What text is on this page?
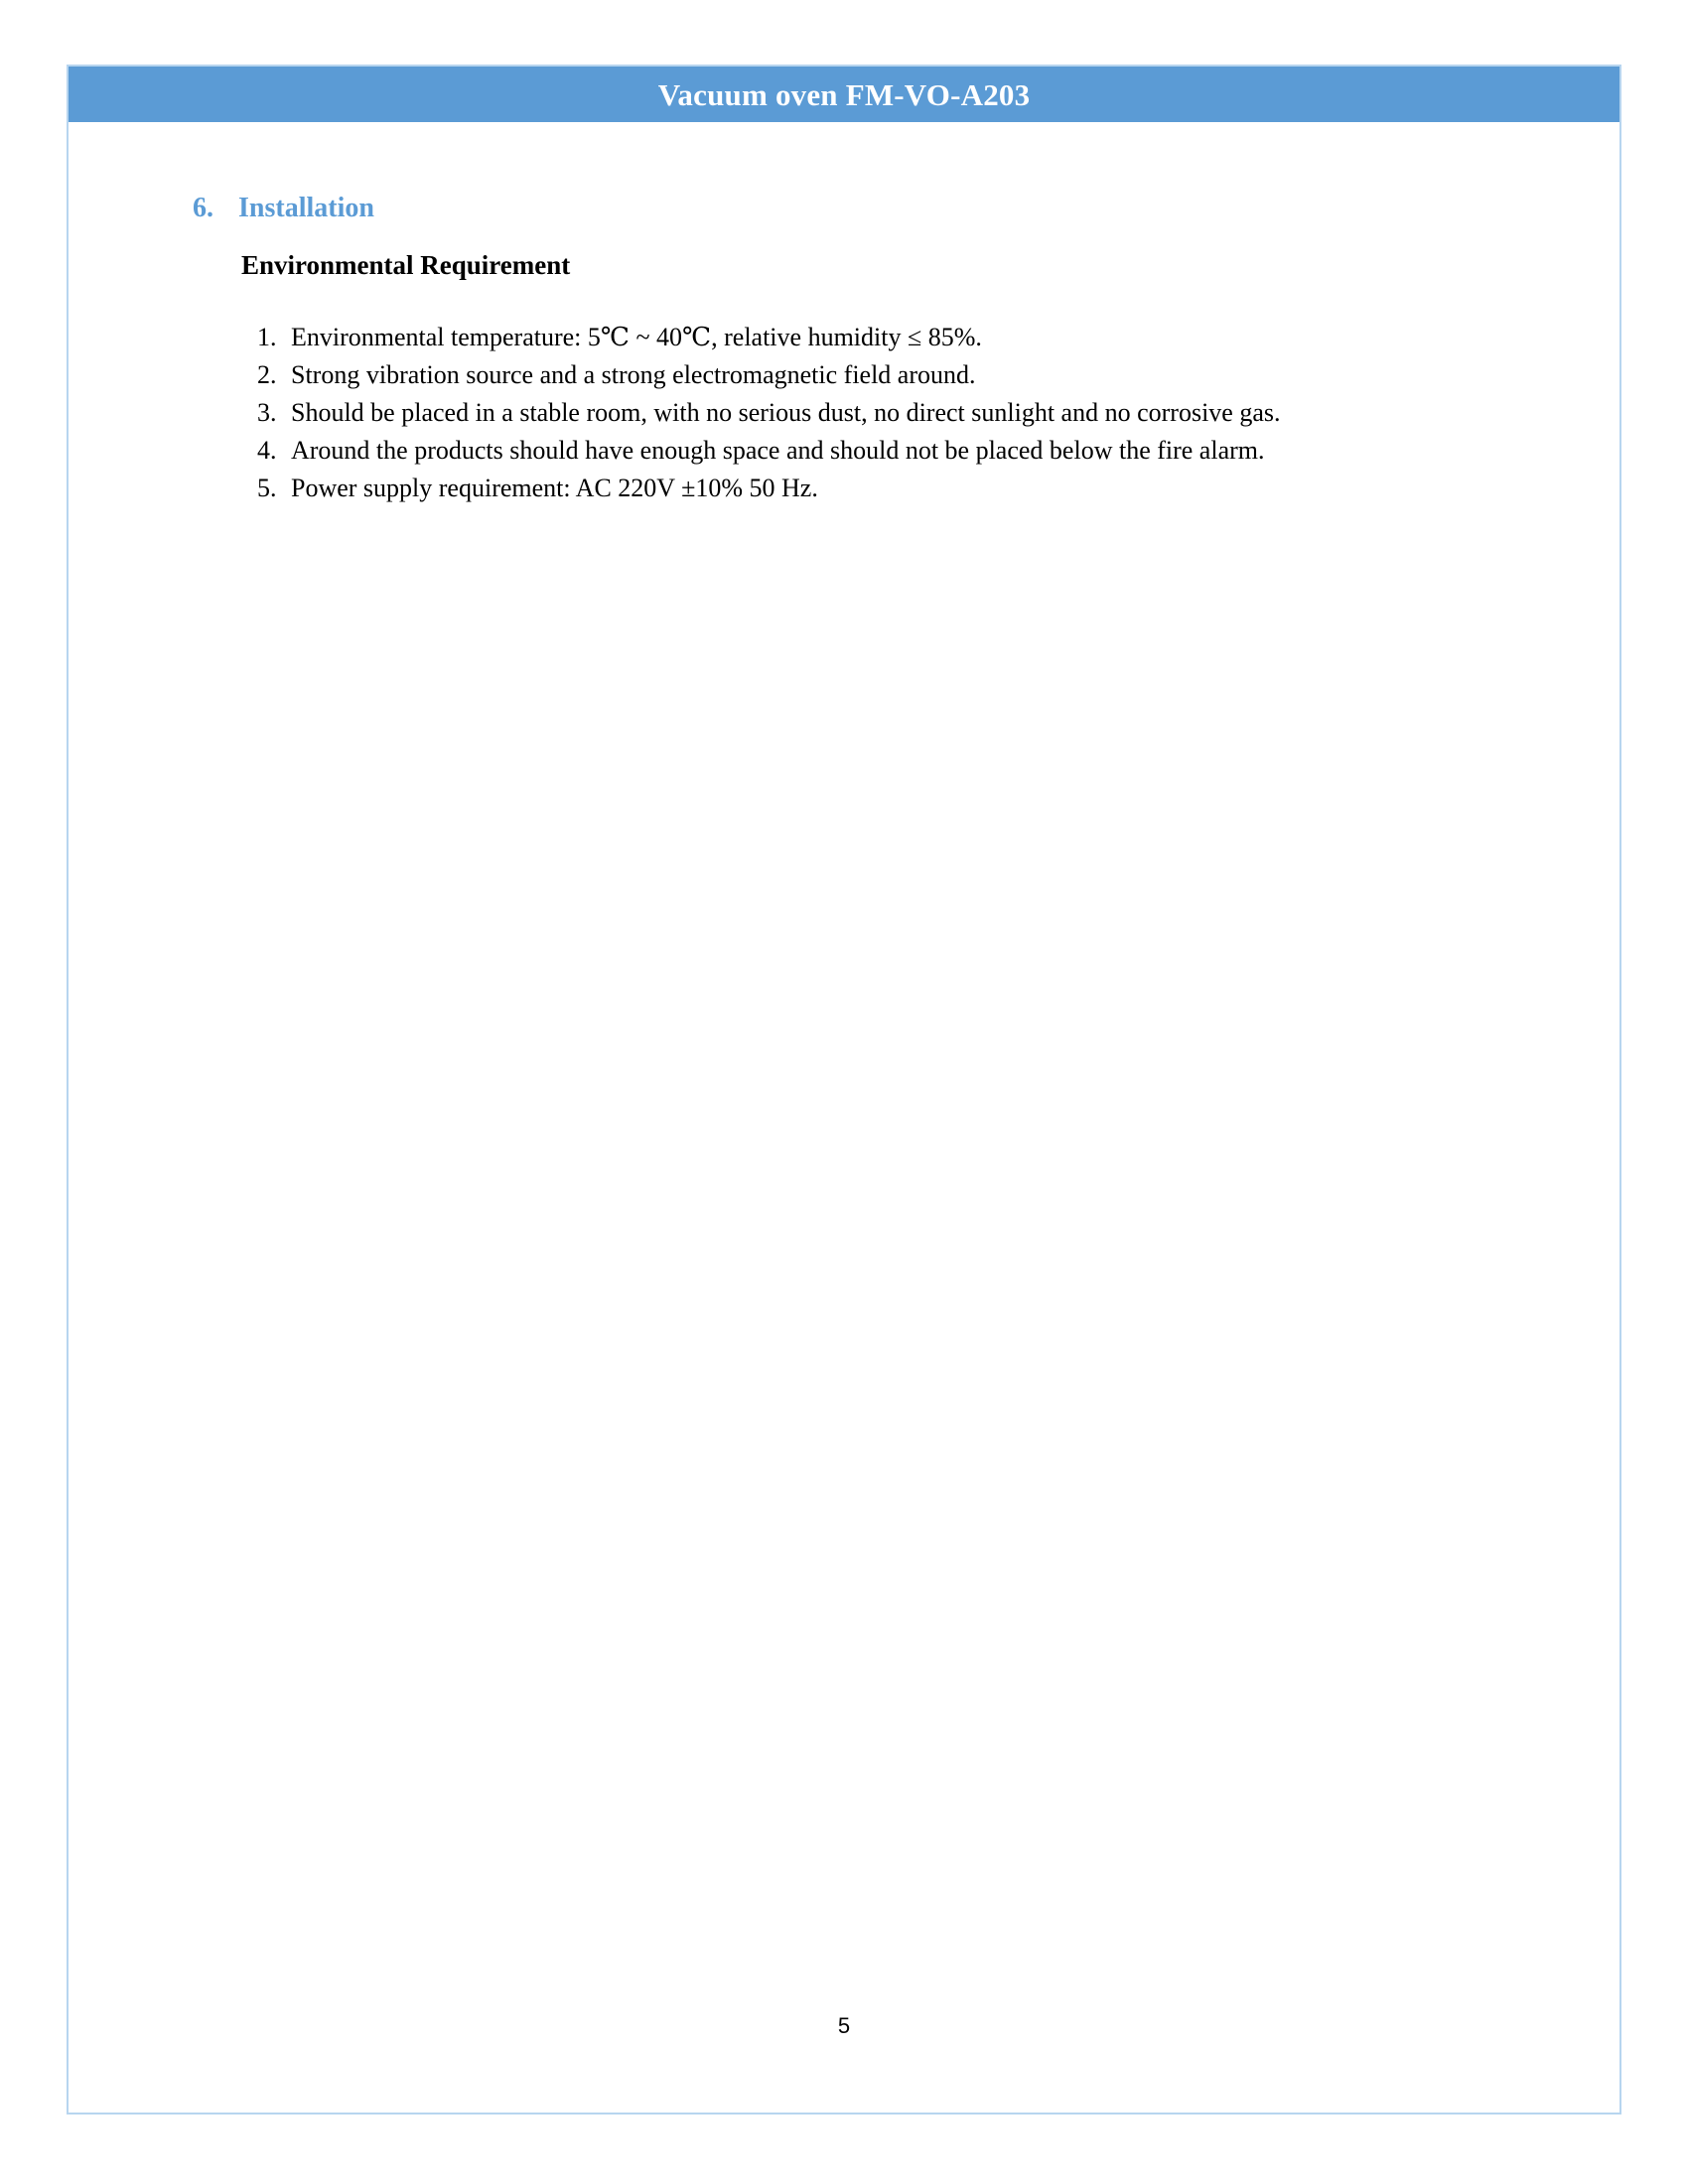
Vacuum oven FM-VO-A203
6. Installation
Environmental Requirement
1. Environmental temperature: 5℃ ~ 40℃, relative humidity ≤ 85%.
2. Strong vibration source and a strong electromagnetic field around.
3. Should be placed in a stable room, with no serious dust, no direct sunlight and no corrosive gas.
4. Around the products should have enough space and should not be placed below the fire alarm.
5. Power supply requirement: AC 220V ±10% 50 Hz.
5
